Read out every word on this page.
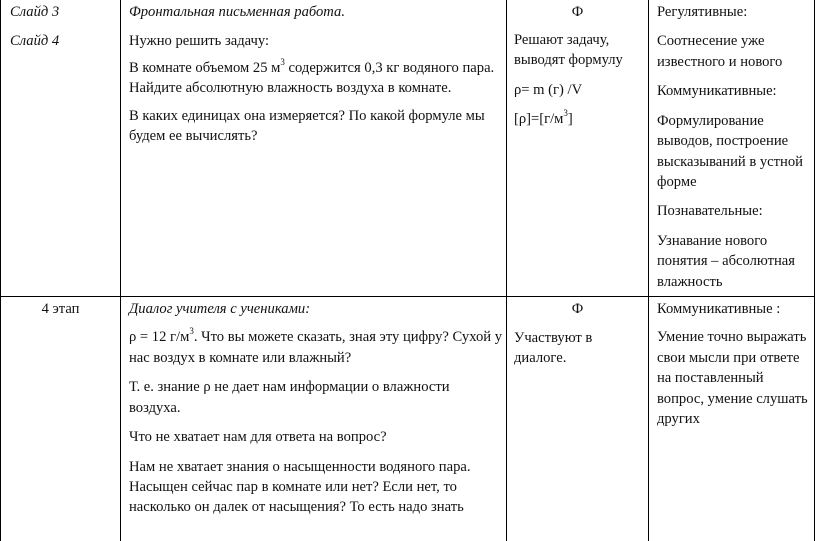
Слайд 3

Слайд 4

Фронтальная письменная работа.

Нужно решить задачу:

В комнате объемом 25 $м^3$ содержится 0,3 кг водяного пара. Найдите абсолютную влажность воздуха в комнате.

В каких единицах она измеряется? По какой формуле мы будем ее вычислять?

Ф

Решают задачу, выводят формулу

ρ= m (г) /V

$[\rho]=[г/м^3]$

Регулятивные:

Соотнесение уже известного и нового

Коммуникативные:

Формулирование выводов, построение высказываний в устной форме

Познавательные:

Узнавание нового понятия – абсолютная влажность

4 этап	Диалог учителя с учениками:

ρ = 12 $г/м^3$. Что вы можете сказать, зная эту цифру? Сухой у нас воздух в комнате или влажный?

Т. е. знание ρ не дает нам информации о влажности воздуха.

Что не хватает нам для ответа на вопрос?

Нам не хватает знания о насыщенности водяного пара. Насыщен сейчас пар в комнате или нет? Если нет, то насколько он далек от насыщения? То есть надо знать

Ф

Участвуют в диалоге.

Коммуникативные :

Умение точно выражать свои мысли при ответе на поставленный вопрос, умение слушать других
